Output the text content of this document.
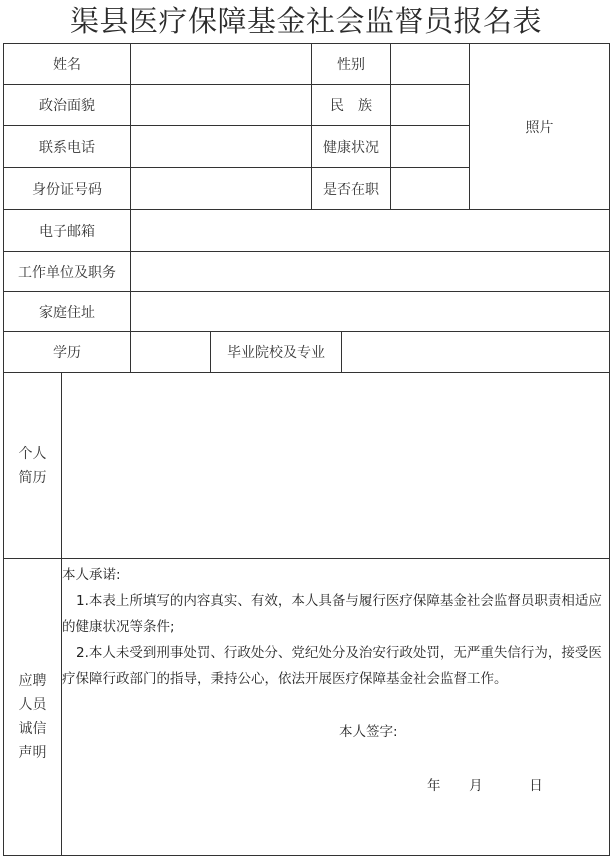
渠县医疗保障基金社会监督员报名表
姓名	性别
照片
政治面貌	民　族
联系电话	健康状况
身份证号码	是否在职
电子邮箱
工作单位及职务
家庭住址
学历	毕业院校及专业
个人
简历
应聘
人员
诚信
声明

本人承诺:

1.本表上所填写的内容真实、有效，本人具备与履行医疗保障基金社会监督员职责相适应的健康状况等条件;

2.本人未受到刑事处罚、行政处分、党纪处分及治安行政处罚，无严重失信行为，接受医疗保障行政部门的指导，秉持公心，依法开展医疗保障基金社会监督工作。

本人签字:
年 月	日
